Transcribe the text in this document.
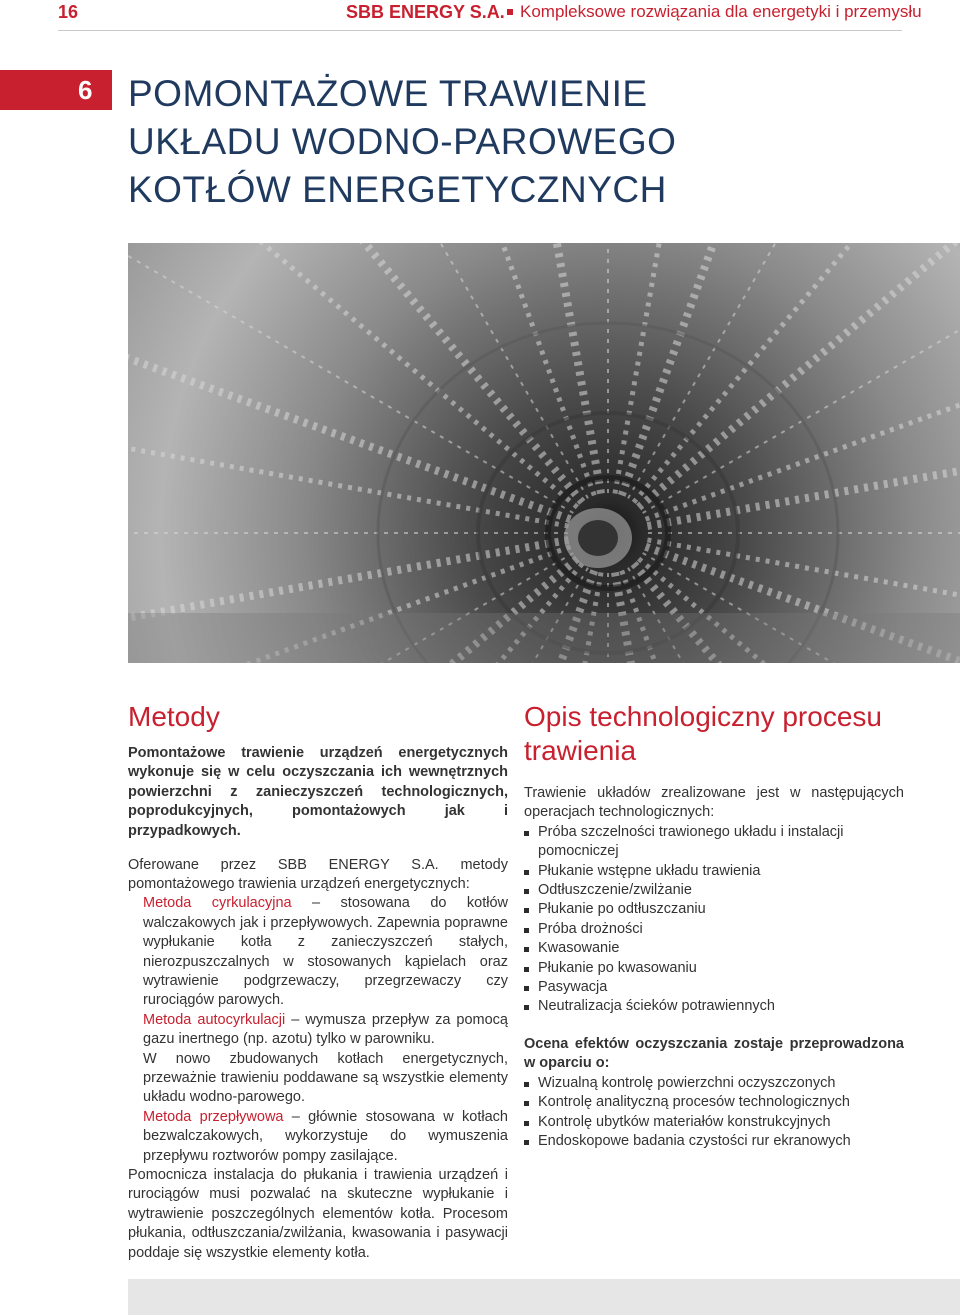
16	SBB ENERGY S.A. Kompleksowe rozwiązania dla energetyki i przemysłu
6 POMONTAŻOWE TRAWIENIE
UKŁADU WODNO-PAROWEGO
KOTŁÓW ENERGETYCZNYCH
Metody

Pomontażowe trawienie urządzeń energetycznych wykonuje się w celu oczyszczania ich wewnętrznych powierzchni z zanieczyszczeń technologicznych, poprodukcyjnych, pomontażowych jak i przypadkowych.

Oferowane przez SBB ENERGY S.A. metody pomontażowego trawienia urządzeń energetycznych:

Metoda cyrkulacyjna – stosowana do kotłów walczakowych jak i przepływowych. Zapewnia poprawne wypłukanie kotła z zanieczyszczeń stałych, nierozpuszczalnych w stosowanych kąpielach oraz wytrawienie podgrzewaczy, przegrzewaczy czy rurociągów parowych.

Metoda autocyrkulacji – wymusza przepływ za pomocą gazu inertnego (np. azotu) tylko w parowniku.

W nowo zbudowanych kotłach energetycznych, przeważnie trawieniu poddawane są wszystkie elementy układu wodno-parowego.

Metoda przepływowa – głównie stosowana w kotłach bezwalczakowych, wykorzystuje do wymuszenia przepływu roztworów pompy zasilające.

Pomocnicza instalacja do płukania i trawienia urządzeń i rurociągów musi pozwalać na skuteczne wypłukanie i wytrawienie poszczególnych elementów kotła. Procesom płukania, odtłuszczania/zwilżania, kwasowania i pasywacji poddaje się wszystkie elementy kotła.

Opis technologiczny procesu trawienia

Trawienie układów zrealizowane jest w następujących operacjach technologicznych:

Próba szczelności trawionego układu i instalacji pomocniczej
Płukanie wstępne układu trawienia
Odtłuszczenie/zwilżanie
Płukanie po odtłuszczaniu
Próba drożności
Kwasowanie
Płukanie po kwasowaniu
Pasywacja
Neutralizacja ścieków potrawiennych

Ocena efektów oczyszczania zostaje przeprowadzona w oparciu o:

Wizualną kontrolę powierzchni oczyszczonych
Kontrolę analityczną procesów technologicznych
Kontrolę ubytków materiałów konstrukcyjnych
Endoskopowe badania czystości rur ekranowych
